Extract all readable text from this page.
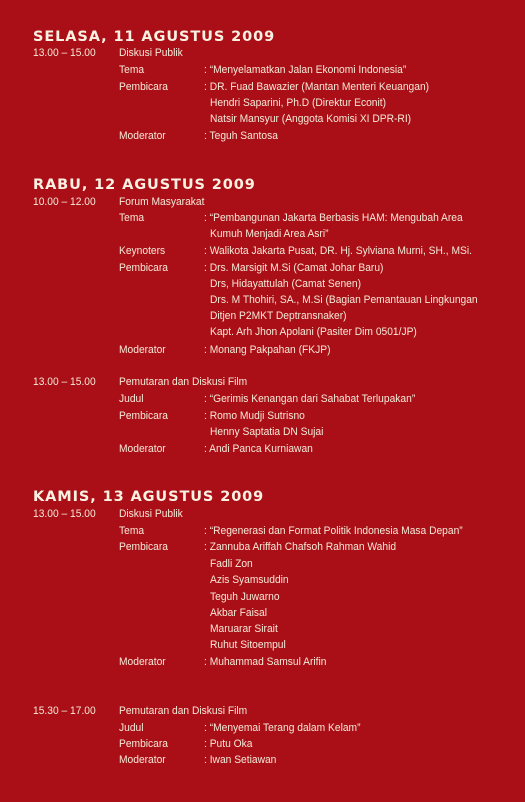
SELASA, 11 AGUSTUS 2009
13.00 – 15.00 Diskusi Publik
Tema	: “Menyelamatkan Jalan Ekonomi Indonesia”
Pembicara	: DR. Fuad Bawazier (Mantan Menteri Keuangan)
Hendri Saparini, Ph.D (Direktur Econit)
Natsir Mansyur (Anggota Komisi XI DPR-RI)
Moderator	: Teguh Santosa
RABU, 12 AGUSTUS 2009
10.00 – 12.00 Forum Masyarakat
Tema	: “Pembangunan Jakarta Berbasis HAM: Mengubah Area
Kumuh Menjadi Area Asri”
Keynoters	: Walikota Jakarta Pusat, DR. Hj. Sylviana Murni, SH., MSi.
Pembicara	: Drs. Marsigit M.Si (Camat Johar Baru)
Drs, Hidayattulah (Camat Senen)
Drs. M Thohiri, SA., M.Si (Bagian Pemantauan Lingkungan
Ditjen P2MKT Deptransnaker)
Kapt. Arh Jhon Apolani (Pasiter Dim 0501/JP)
Moderator	: Monang Pakpahan (FKJP)
13.00 – 15.00 Pemutaran dan Diskusi Film
Judul	: “Gerimis Kenangan dari Sahabat Terlupakan”
Pembicara	: Romo Mudji Sutrisno
Henny Saptatia DN Sujai
Moderator	: Andi Panca Kurniawan
KAMIS, 13 AGUSTUS 2009
13.00 – 15.00 Diskusi Publik
Tema	: “Regenerasi dan Format Politik Indonesia Masa Depan”
Pembicara	: Zannuba Ariffah Chafsoh Rahman Wahid
Fadli Zon
Azis Syamsuddin
Teguh Juwarno
Akbar Faisal
Maruarar Sirait
Ruhut Sitoempul
Moderator	: Muhammad Samsul Arifin
15.30 – 17.00 Pemutaran dan Diskusi Film
Judul	: “Menyemai Terang dalam Kelam”
Pembicara	: Putu Oka
Moderator	: Iwan Setiawan
